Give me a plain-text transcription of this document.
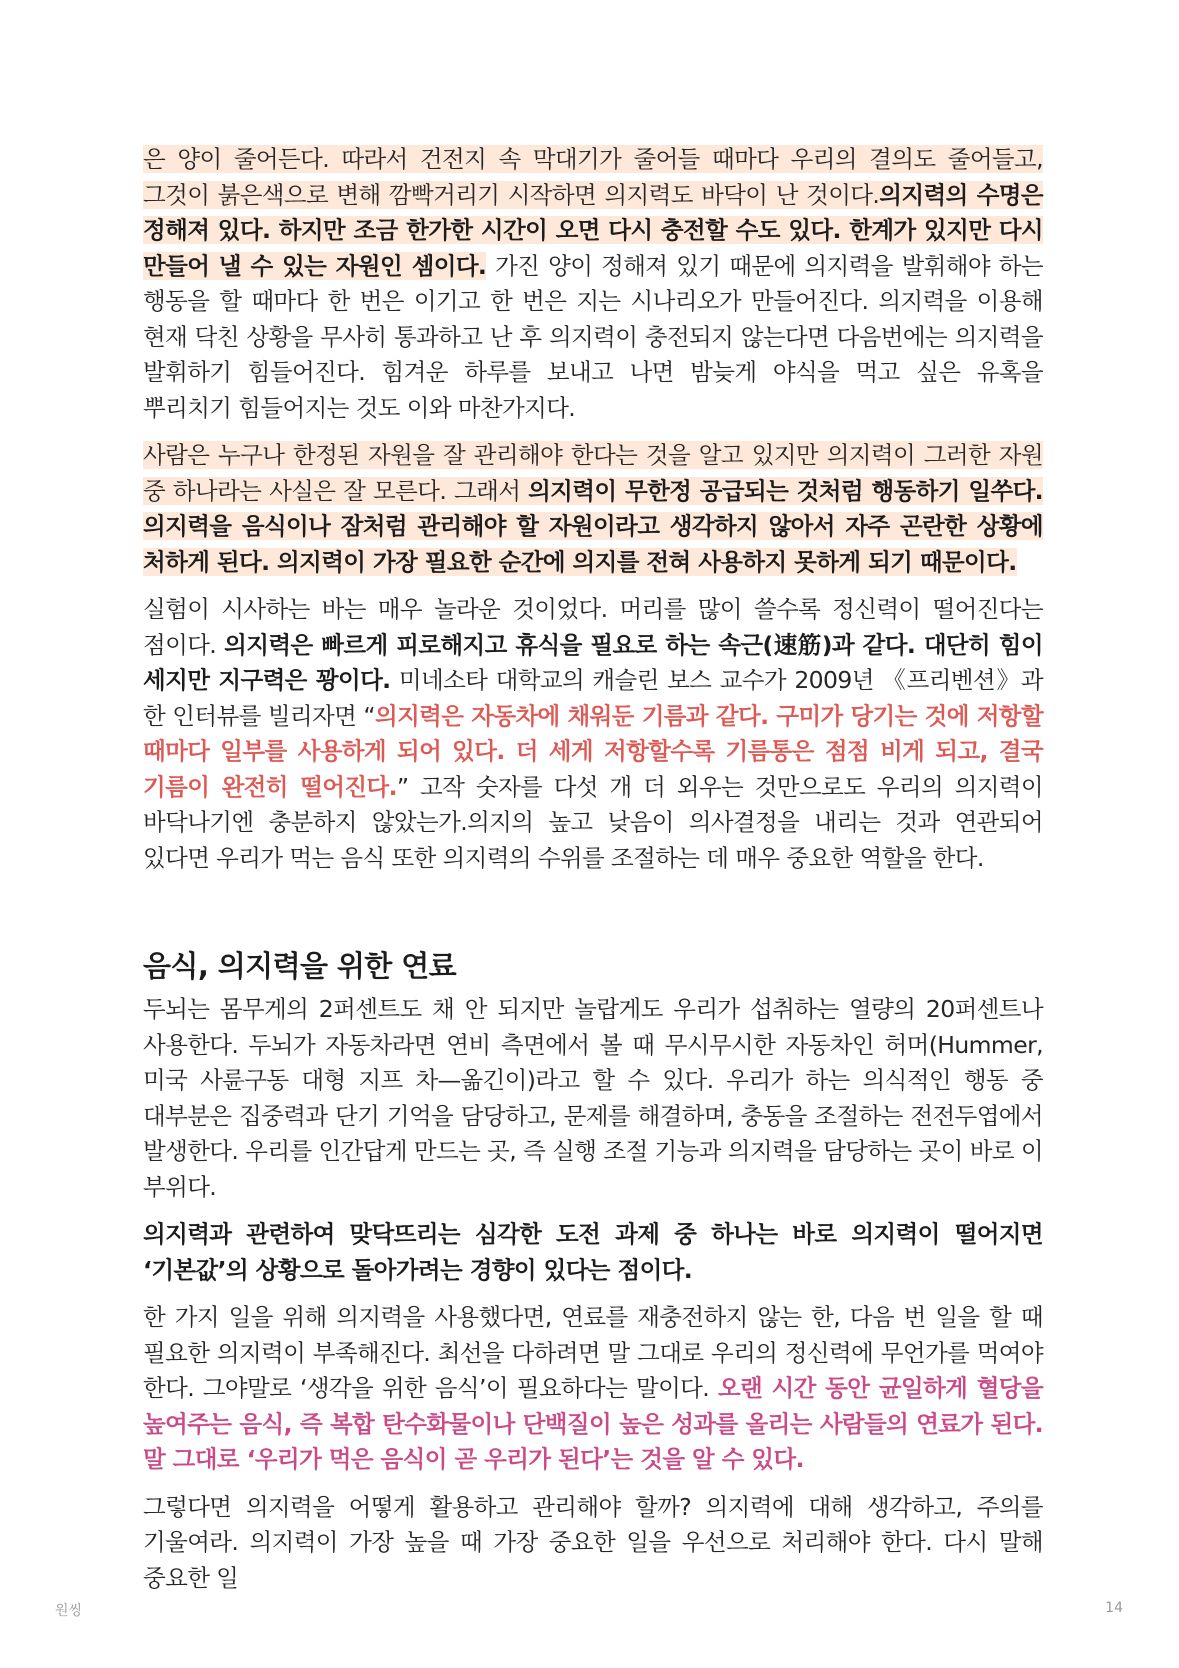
은 양이 줄어든다. 따라서 건전지 속 막대기가 줄어들 때마다 우리의 결의도 줄어들고, 그것이 붉은색으로 변해 깜빡거리기 시작하면 의지력도 바닥이 난 것이다.의지력의 수명은 정해져 있다. 하지만 조금 한가한 시간이 오면 다시 충전할 수도 있다. 한계가 있지만 다시 만들어 낼 수 있는 자원인 셈이다. 가진 양이 정해져 있기 때문에 의지력을 발휘해야 하는 행동을 할 때마다 한 번은 이기고 한 번은 지는 시나리오가 만들어진다. 의지력을 이용해 현재 닥친 상황을 무사히 통과하고 난 후 의지력이 충전되지 않는다면 다음번에는 의지력을 발휘하기 힘들어진다. 힘겨운 하루를 보내고 나면 밤늦게 야식을 먹고 싶은 유혹을 뿌리치기 힘들어지는 것도 이와 마찬가지다.

사람은 누구나 한정된 자원을 잘 관리해야 한다는 것을 알고 있지만 의지력이 그러한 자원 중 하나라는 사실은 잘 모른다. 그래서 의지력이 무한정 공급되는 것처럼 행동하기 일쑤다. 의지력을 음식이나 잠처럼 관리해야 할 자원이라고 생각하지 않아서 자주 곤란한 상황에 처하게 된다. 의지력이 가장 필요한 순간에 의지를 전혀 사용하지 못하게 되기 때문이다.

실험이 시사하는 바는 매우 놀라운 것이었다. 머리를 많이 쓸수록 정신력이 떨어진다는 점이다. 의지력은 빠르게 피로해지고 휴식을 필요로 하는 속근(速筋)과 같다. 대단히 힘이 세지만 지구력은 꽝이다. 미네소타 대학교의 캐슬린 보스 교수가 2009년 《프리벤션》과 한 인터뷰를 빌리자면 “의지력은 자동차에 채워둔 기름과 같다. 구미가 당기는 것에 저항할 때마다 일부를 사용하게 되어 있다. 더 세게 저항할수록 기름통은 점점 비게 되고, 결국 기름이 완전히 떨어진다.” 고작 숫자를 다섯 개 더 외우는 것만으로도 우리의 의지력이 바닥나기엔 충분하지 않았는가.의지의 높고 낮음이 의사결정을 내리는 것과 연관되어 있다면 우리가 먹는 음식 또한 의지력의 수위를 조절하는 데 매우 중요한 역할을 한다.

음식, 의지력을 위한 연료

두뇌는 몸무게의 2퍼센트도 채 안 되지만 놀랍게도 우리가 섭취하는 열량의 20퍼센트나 사용한다. 두뇌가 자동차라면 연비 측면에서 볼 때 무시무시한 자동차인 허머(Hummer, 미국 사륜구동 대형 지프 차—옮긴이)라고 할 수 있다. 우리가 하는 의식적인 행동 중 대부분은 집중력과 단기 기억을 담당하고, 문제를 해결하며, 충동을 조절하는 전전두엽에서 발생한다. 우리를 인간답게 만드는 곳, 즉 실행 조절 기능과 의지력을 담당하는 곳이 바로 이 부위다.

의지력과 관련하여 맞닥뜨리는 심각한 도전 과제 중 하나는 바로 의지력이 떨어지면 ‘기본값’의 상황으로 돌아가려는 경향이 있다는 점이다.

한 가지 일을 위해 의지력을 사용했다면, 연료를 재충전하지 않는 한, 다음 번 일을 할 때 필요한 의지력이 부족해진다. 최선을 다하려면 말 그대로 우리의 정신력에 무언가를 먹여야 한다. 그야말로 ‘생각을 위한 음식’이 필요하다는 말이다. 오랜 시간 동안 균일하게 혈당을 높여주는 음식, 즉 복합 탄수화물이나 단백질이 높은 성과를 올리는 사람들의 연료가 된다. 말 그대로 ‘우리가 먹은 음식이 곧 우리가 된다’는 것을 알 수 있다.

그렇다면 의지력을 어떻게 활용하고 관리해야 할까? 의지력에 대해 생각하고, 주의를 기울여라. 의지력이 가장 높을 때 가장 중요한 일을 우선으로 처리해야 한다. 다시 말해 중요한 일

원씽	14
